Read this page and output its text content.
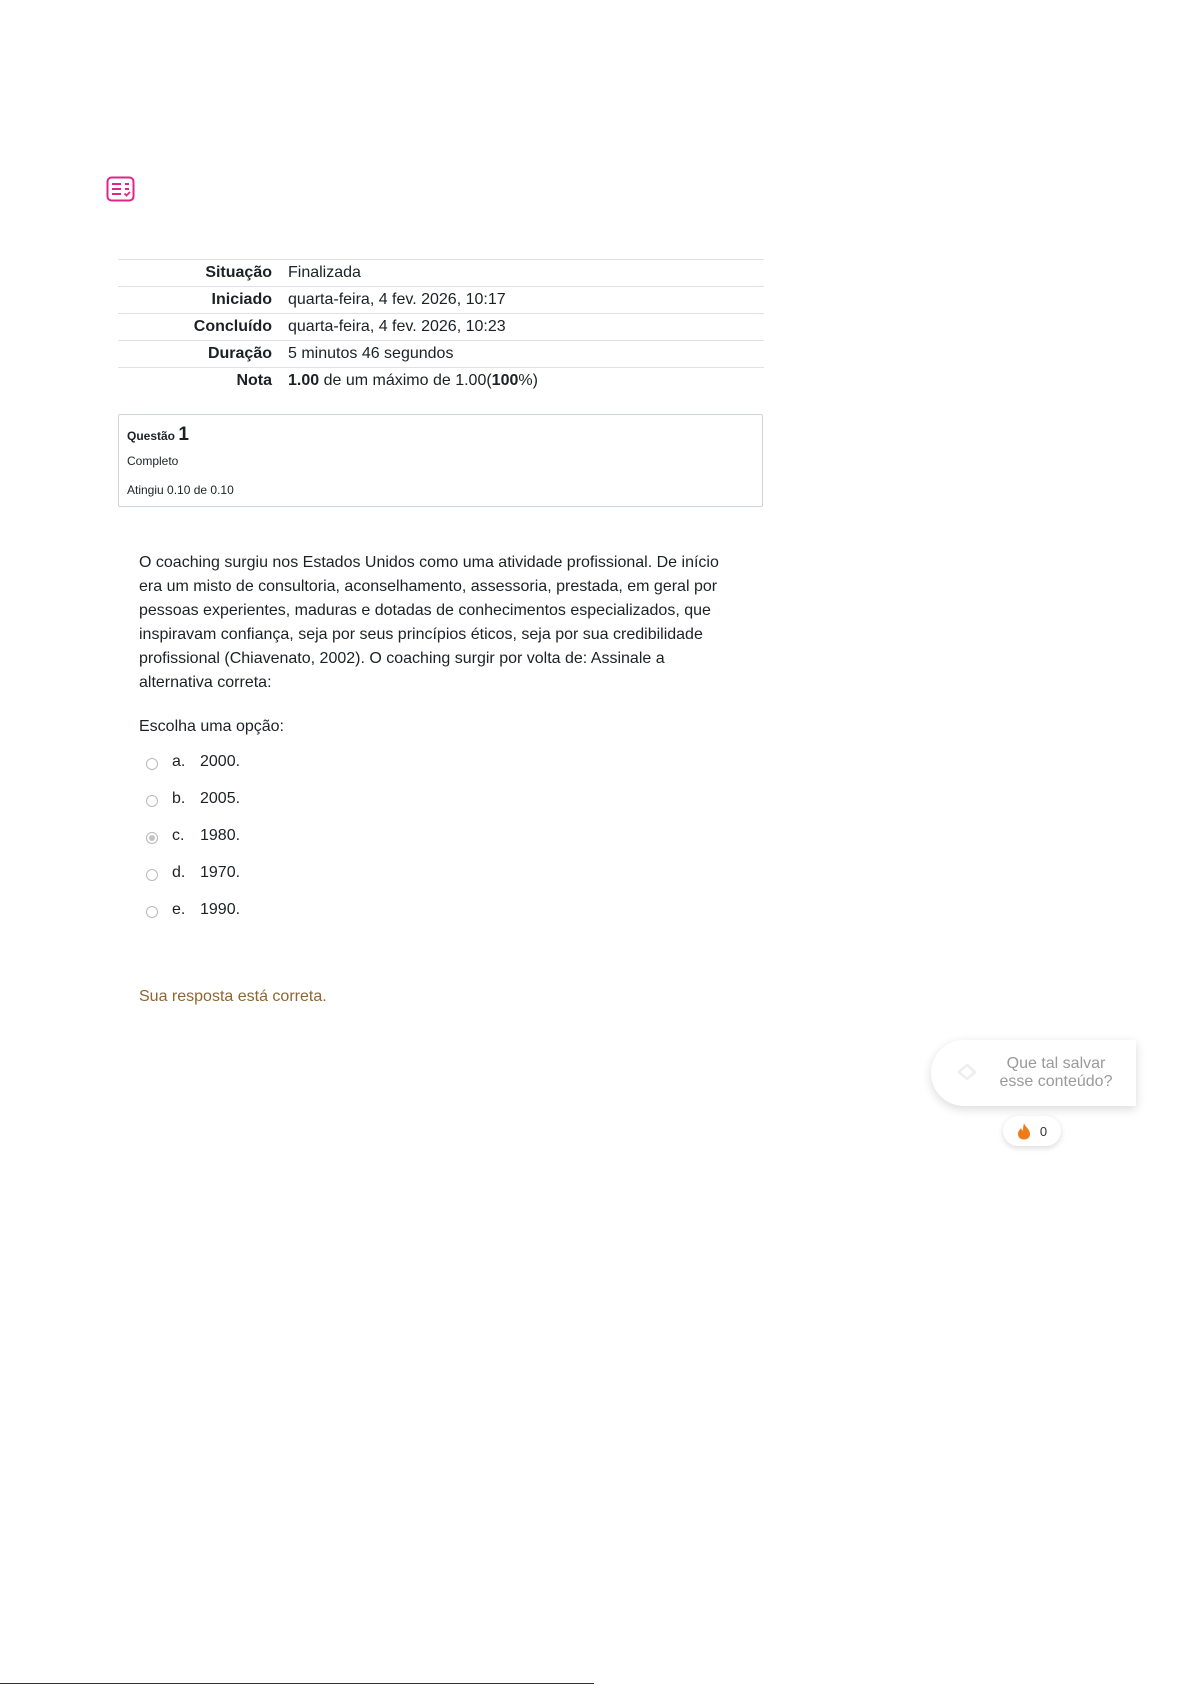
Situação	Finalizada
Iniciado	quarta-feira, 4 fev. 2026, 10:17
Concluído	quarta-feira, 4 fev. 2026, 10:23
Duração	5 minutos 46 segundos
Nota	1.00 de um máximo de 1.00(100%)
Questão 1
Completo
Atingiu 0.10 de 0.10
O coaching surgiu nos Estados Unidos como uma atividade profissional. De início era um misto de consultoria, aconselhamento, assessoria, prestada, em geral por pessoas experientes, maduras e dotadas de conhecimentos especializados, que inspiravam confiança, seja por seus princípios éticos, seja por sua credibilidade profissional (Chiavenato, 2002). O coaching surgir por volta de: Assinale a alternativa correta:
Escolha uma opção:
a. 2000.
b. 2005.
c. 1980.
d. 1970.
e. 1990.
Sua resposta está correta.
Que tal salvar esse conteúdo?
0
